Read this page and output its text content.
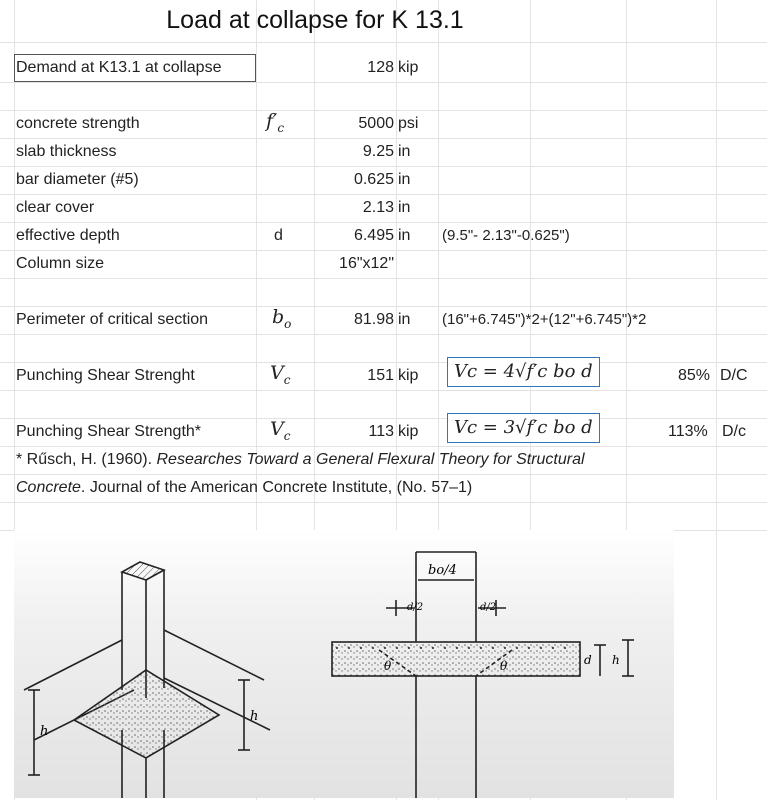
Load at collapse for K 13.1
Demand at K13.1 at collapse	128 kip
concrete strength	$f'_c$	5000 psi
slab thickness	9.25 in
bar diameter (#5)	0.625 in
clear cover	2.13 in
effective depth	d	6.495 in (9.5"- 2.13"-0.625")
Column size	16"x12"
Perimeter of critical section	$b_o$	81.98 in (16"+6.745")*2+(12"+6.745")*2
Punching Shear Strenght	$V_c$	151 kip	Vc = 4√f′c bo d	85% D/C
Punching Shear Strength*	$V_c$	113 kip	Vc = 3√f′c bo d	113% D/c
* Rűsch, H. (1960). Researches Toward a General Flexural Theory for Structural
Concrete. Journal of the American Concrete Institute, (No. 57–1)
h
h
bo/4
d/2	d/2
θ	θ	d h
